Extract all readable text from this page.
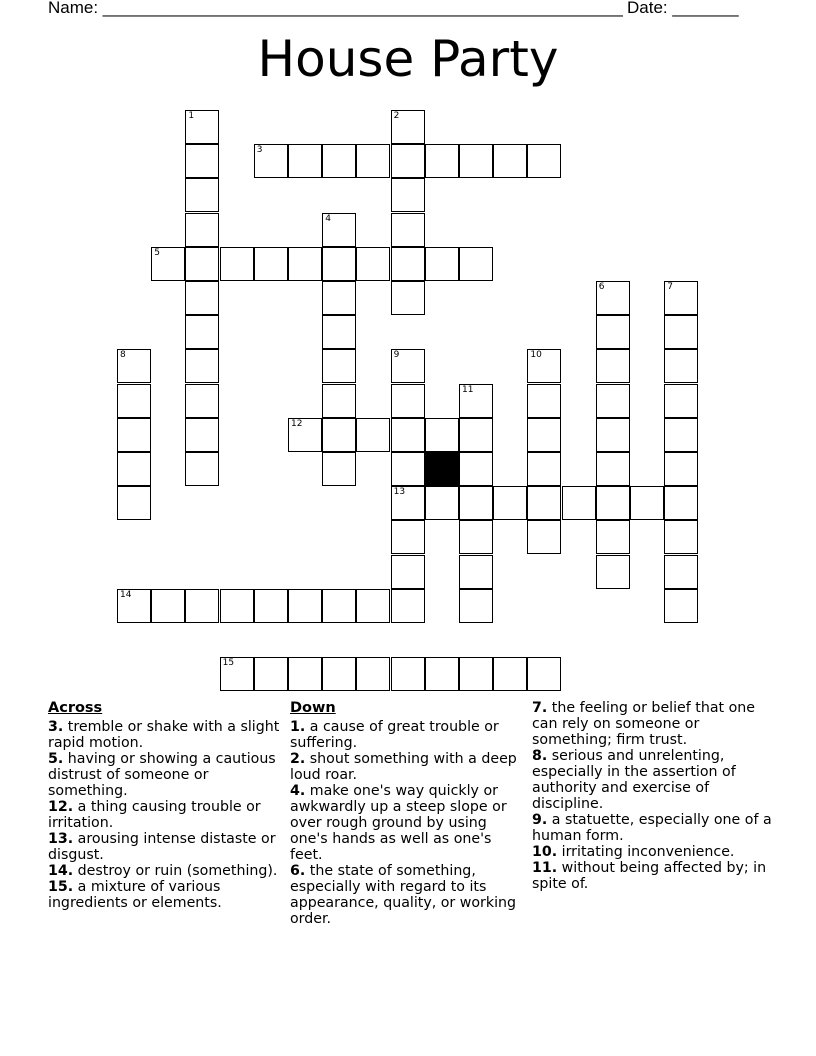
Name: _______________________________________________________ Date: _______
House Party
1	2
3
4
5
6	7
8	9
13
10
11
12
14
15
Across

3. tremble or shake with a slight rapid motion.

5. having or showing a cautious distrust of someone or something.

12. a thing causing trouble or irritation.

13. arousing intense distaste or disgust.

14. destroy or ruin (something).

15. a mixture of various ingredients or elements.

Down

1. a cause of great trouble or suffering.

2. shout something with a deep loud roar.

4. make one's way quickly or awkwardly up a steep slope or over rough ground by using one's hands as well as one's feet.

6. the state of something, especially with regard to its appearance, quality, or working order.

7. the feeling or belief that one can rely on someone or something; firm trust.

8. serious and unrelenting, especially in the assertion of authority and exercise of discipline.

9. a statuette, especially one of a human form.

10. irritating inconvenience.

11. without being affected by; in spite of.
